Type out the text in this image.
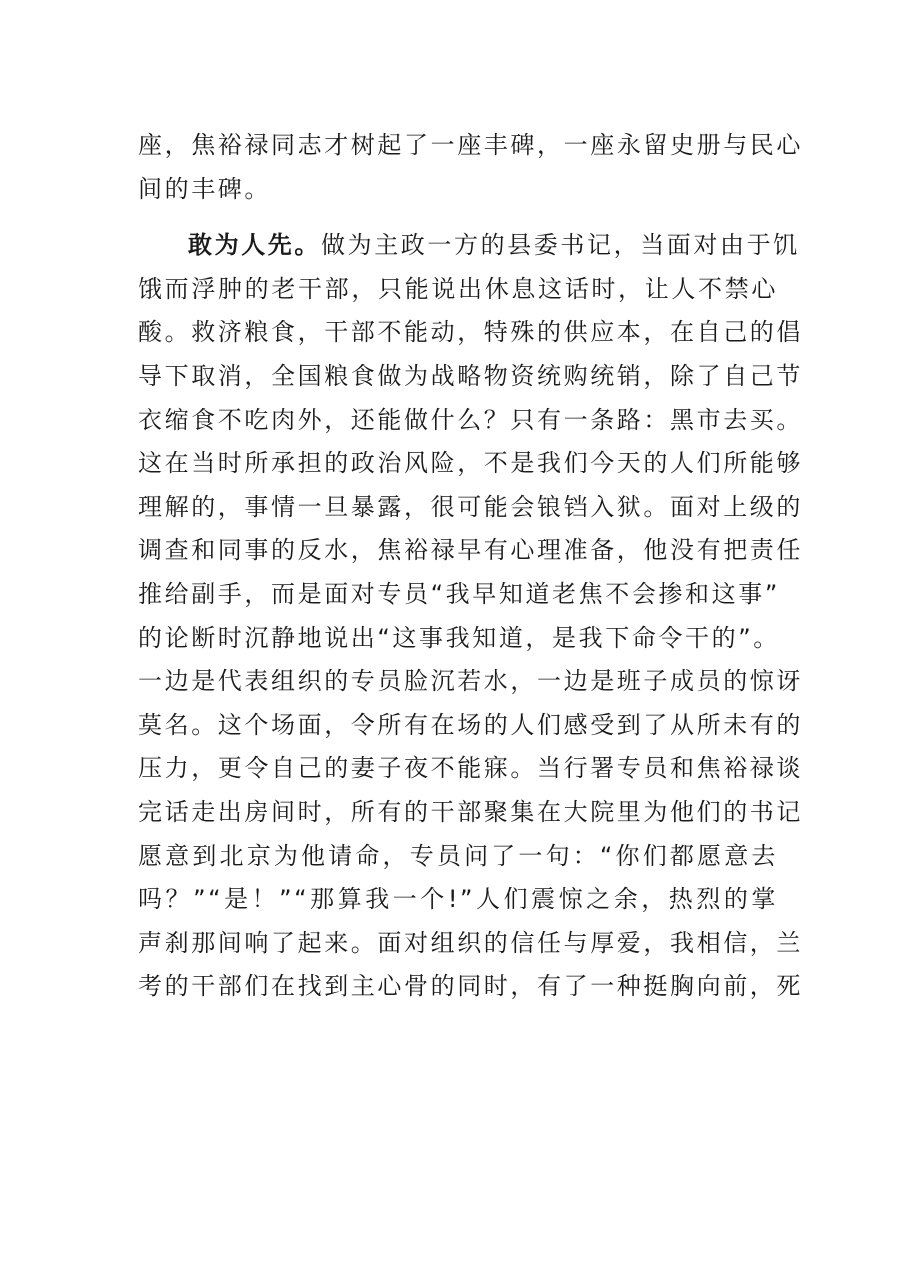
座，焦裕禄同志才树起了一座丰碑，一座永留史册与民心
间的丰碑。
敢为人先。做为主政一方的县委书记，当面对由于饥
饿而浮肿的老干部，只能说出休息这话时，让人不禁心
酸。救济粮食，干部不能动，特殊的供应本，在自己的倡
导下取消，全国粮食做为战略物资统购统销，除了自己节
衣缩食不吃肉外，还能做什么？只有一条路：黑市去买。
这在当时所承担的政治风险，不是我们今天的人们所能够
理解的，事情一旦暴露，很可能会锒铛入狱。面对上级的
调查和同事的反水，焦裕禄早有心理准备，他没有把责任
推给副手，而是面对专员“我早知道老焦不会掺和这事”
的论断时沉静地说出“这事我知道，是我下命令干的”。
一边是代表组织的专员脸沉若水，一边是班子成员的惊讶
莫名。这个场面，令所有在场的人们感受到了从所未有的
压力，更令自己的妻子夜不能寐。当行署专员和焦裕禄谈
完话走出房间时，所有的干部聚集在大院里为他们的书记
愿意到北京为他请命，专员问了一句：“你们都愿意去
吗？”“是！”“那算我一个!”人们震惊之余，热烈的掌
声刹那间响了起来。面对组织的信任与厚爱，我相信，兰
考的干部们在找到主心骨的同时，有了一种挺胸向前，死
